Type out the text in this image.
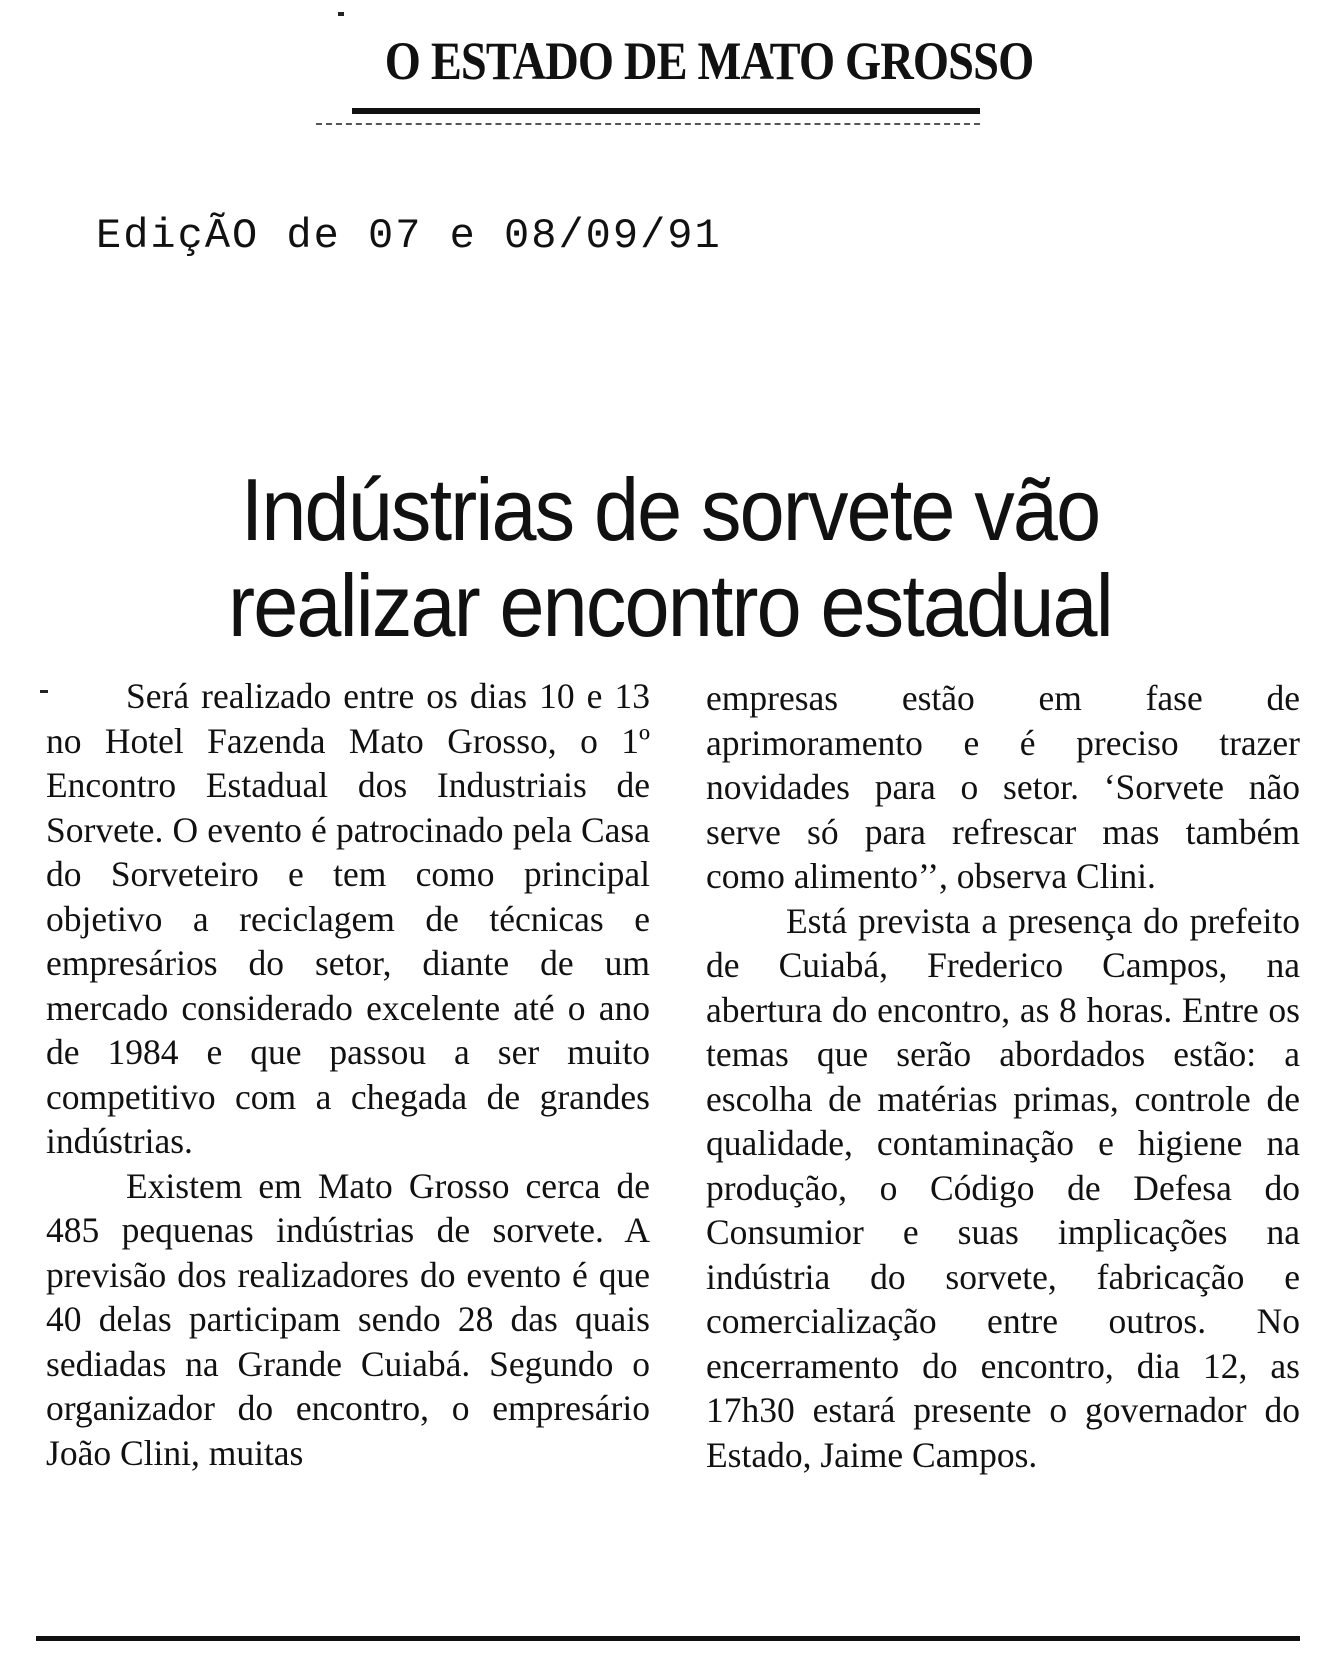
O ESTADO DE MATO GROSSO
EdiçÃO de 07 e 08/09/91
Indústrias de sorvete vão
realizar encontro estadual

Será realizado entre os dias 10 e 13 no Hotel Fazenda Mato Grosso, o 1º Encontro Estadual dos Industriais de Sorvete. O evento é patrocinado pela Casa do Sorveteiro e tem como principal objetivo a reciclagem de técnicas e empresários do setor, diante de um mercado considerado excelente até o ano de 1984 e que passou a ser muito competitivo com a chegada de grandes indústrias.

Existem em Mato Grosso cerca de 485 pequenas indústrias de sorvete. A previsão dos realizadores do evento é que 40 delas participam sendo 28 das quais sediadas na Grande Cuiabá. Segundo o organizador do encontro, o empresário João Clini, muitas

empresas estão em fase de aprimoramento e é preciso trazer novidades para o setor. ‘Sorvete não serve só para refrescar mas também como alimento’’, observa Clini.

Está prevista a presença do prefeito de Cuiabá, Frederico Campos, na abertura do encontro, as 8 horas. Entre os temas que serão abordados estão: a escolha de matérias primas, controle de qualidade, contaminação e higiene na produção, o Código de Defesa do Consumior e suas implicações na indústria do sorvete, fabricação e comercialização entre outros. No encerramento do encontro, dia 12, as 17h30 estará presente o governador do Estado, Jaime Campos.
